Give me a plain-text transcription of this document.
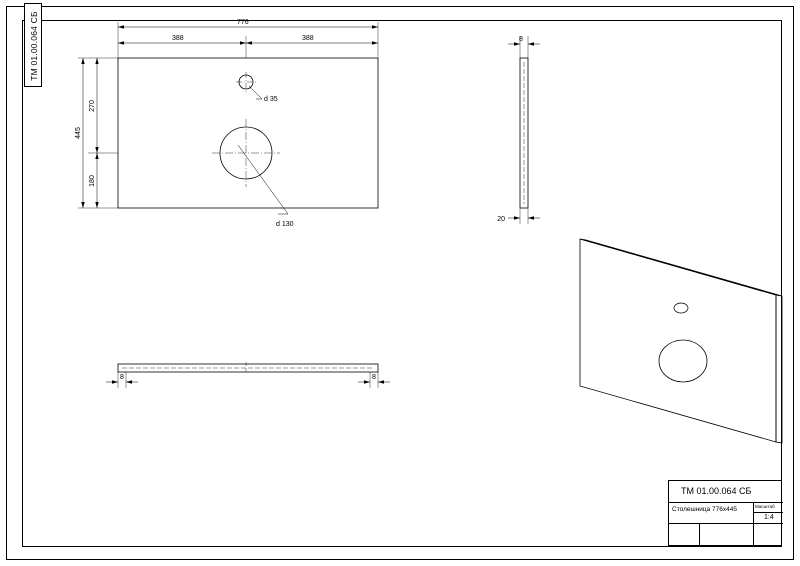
ТМ 01.00.064 СБ
d 35
d 130
776
388	388
445
270
180
8
20
8	8
ТМ 01.00.064 СБ
Столешница 776х445	Масштаб
1:4
